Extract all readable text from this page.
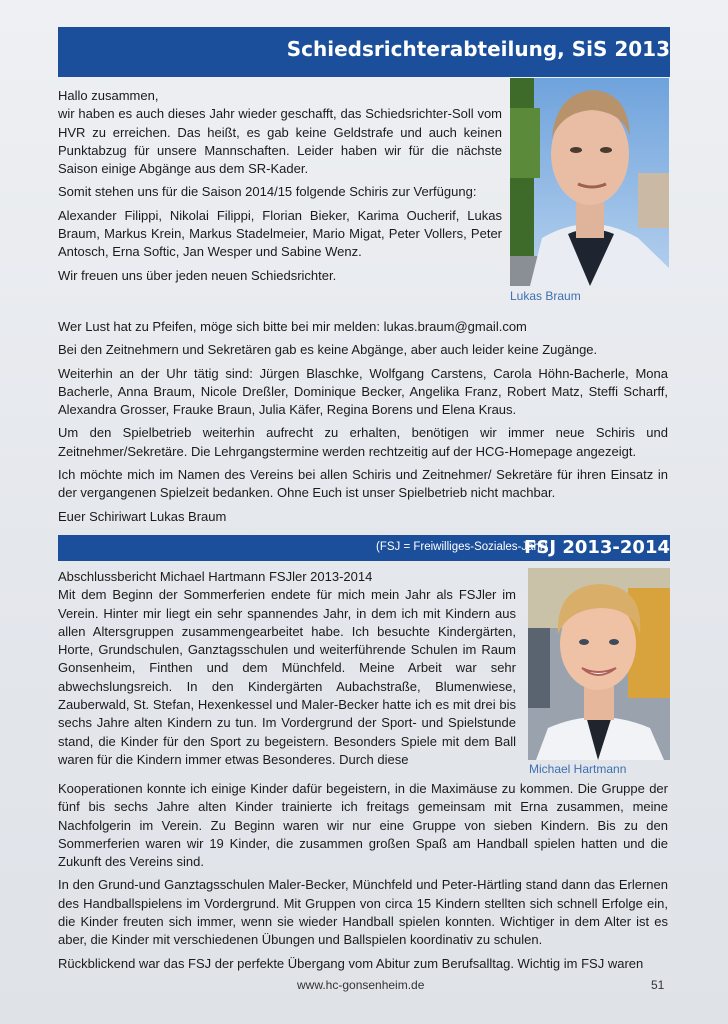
Schiedsrichterabteilung, SiS 2013

Hallo zusammen,

wir haben es auch dieses Jahr wieder geschafft, das Schiedsrichter-Soll vom HVR zu erreichen. Das heißt, es gab keine Geldstrafe und auch keinen Punktabzug für unsere Mannschaften. Leider haben wir für die nächste Saison einige Abgänge aus dem SR-Kader.

Somit stehen uns für die Saison 2014/15 folgende Schiris zur Verfügung:

Alexander Filippi, Nikolai Filippi, Florian Bieker, Karima Oucherif, Lukas Braum, Markus Krein, Markus Stadelmeier, Mario Migat, Peter Vollers, Peter Antosch, Erna Softic, Jan Wesper und Sabine Wenz.

Wir freuen uns über jeden neuen Schiedsrichter.

Lukas Braum

Wer Lust hat zu Pfeifen, möge sich bitte bei mir melden: lukas.braum@gmail.com

Bei den Zeitnehmern und Sekretären gab es keine Abgänge, aber auch leider keine Zugänge.

Weiterhin an der Uhr tätig sind: Jürgen Blaschke, Wolfgang Carstens, Carola Höhn-Bacherle, Mona Bacherle, Anna Braum, Nicole Dreßler, Dominique Becker, Angelika Franz, Robert Matz, Steffi Scharff, Alexandra Grosser, Frauke Braun, Julia Käfer, Regina Borens und Elena Kraus.

Um den Spielbetrieb weiterhin aufrecht zu erhalten, benötigen wir immer neue Schiris und Zeitnehmer/Sekretäre. Die Lehrgangstermine werden rechtzeitig auf der HCG-Homepage angezeigt.

Ich möchte mich im Namen des Vereins bei allen Schiris und Zeitnehmer/ Sekretäre für ihren Einsatz in der vergangenen Spielzeit bedanken. Ohne Euch ist unser Spielbetrieb nicht machbar.

Euer Schiriwart Lukas Braum

(FSJ = Freiwilliges-Soziales-Jahr)
FSJ 2013-2014

Abschlussbericht Michael Hartmann FSJler 2013-2014

Mit dem Beginn der Sommerferien endete für mich mein Jahr als FSJler im Verein. Hinter mir liegt ein sehr spannendes Jahr, in dem ich mit Kindern aus allen Altersgruppen zusammengearbeitet habe. Ich besuchte Kindergärten, Horte, Grundschulen, Ganztagsschulen und weiterführende Schulen im Raum Gonsenheim, Finthen und dem Münchfeld. Meine Arbeit war sehr abwechslungsreich. In den Kindergärten Aubachstraße, Blumenwiese, Zauberwald, St. Stefan, Hexenkessel und Maler-Becker hatte ich es mit drei bis sechs Jahre alten Kindern zu tun. Im Vordergrund der Sport- und Spielstunde stand, die Kinder für den Sport zu begeistern. Besonders Spiele mit dem Ball waren für die Kindern immer etwas Besonderes. Durch diese

Michael Hartmann

Kooperationen konnte ich einige Kinder dafür begeistern, in die Maximäuse zu kommen. Die Gruppe der fünf bis sechs Jahre alten Kinder trainierte ich freitags gemeinsam mit Erna zusammen, meine Nachfolgerin im Verein. Zu Beginn waren wir nur eine Gruppe von sieben Kindern. Bis zu den Sommerferien waren wir 19 Kinder, die zusammen großen Spaß am Handball spielen hatten und die Zukunft des Vereins sind.

In den Grund-und Ganztagsschulen Maler-Becker, Münchfeld und Peter-Härtling stand dann das Erlernen des Handballspielens im Vordergrund. Mit Gruppen von circa 15 Kindern stellten sich schnell Erfolge ein, die Kinder freuten sich immer, wenn sie wieder Handball spielen konnten. Wichtiger in dem Alter ist es aber, die Kinder mit verschiedenen Übungen und Ballspielen koordinativ zu schulen.

Rückblickend war das FSJ der perfekte Übergang vom Abitur zum Berufsalltag. Wichtig im FSJ waren

www.hc-gonsenheim.de	51
